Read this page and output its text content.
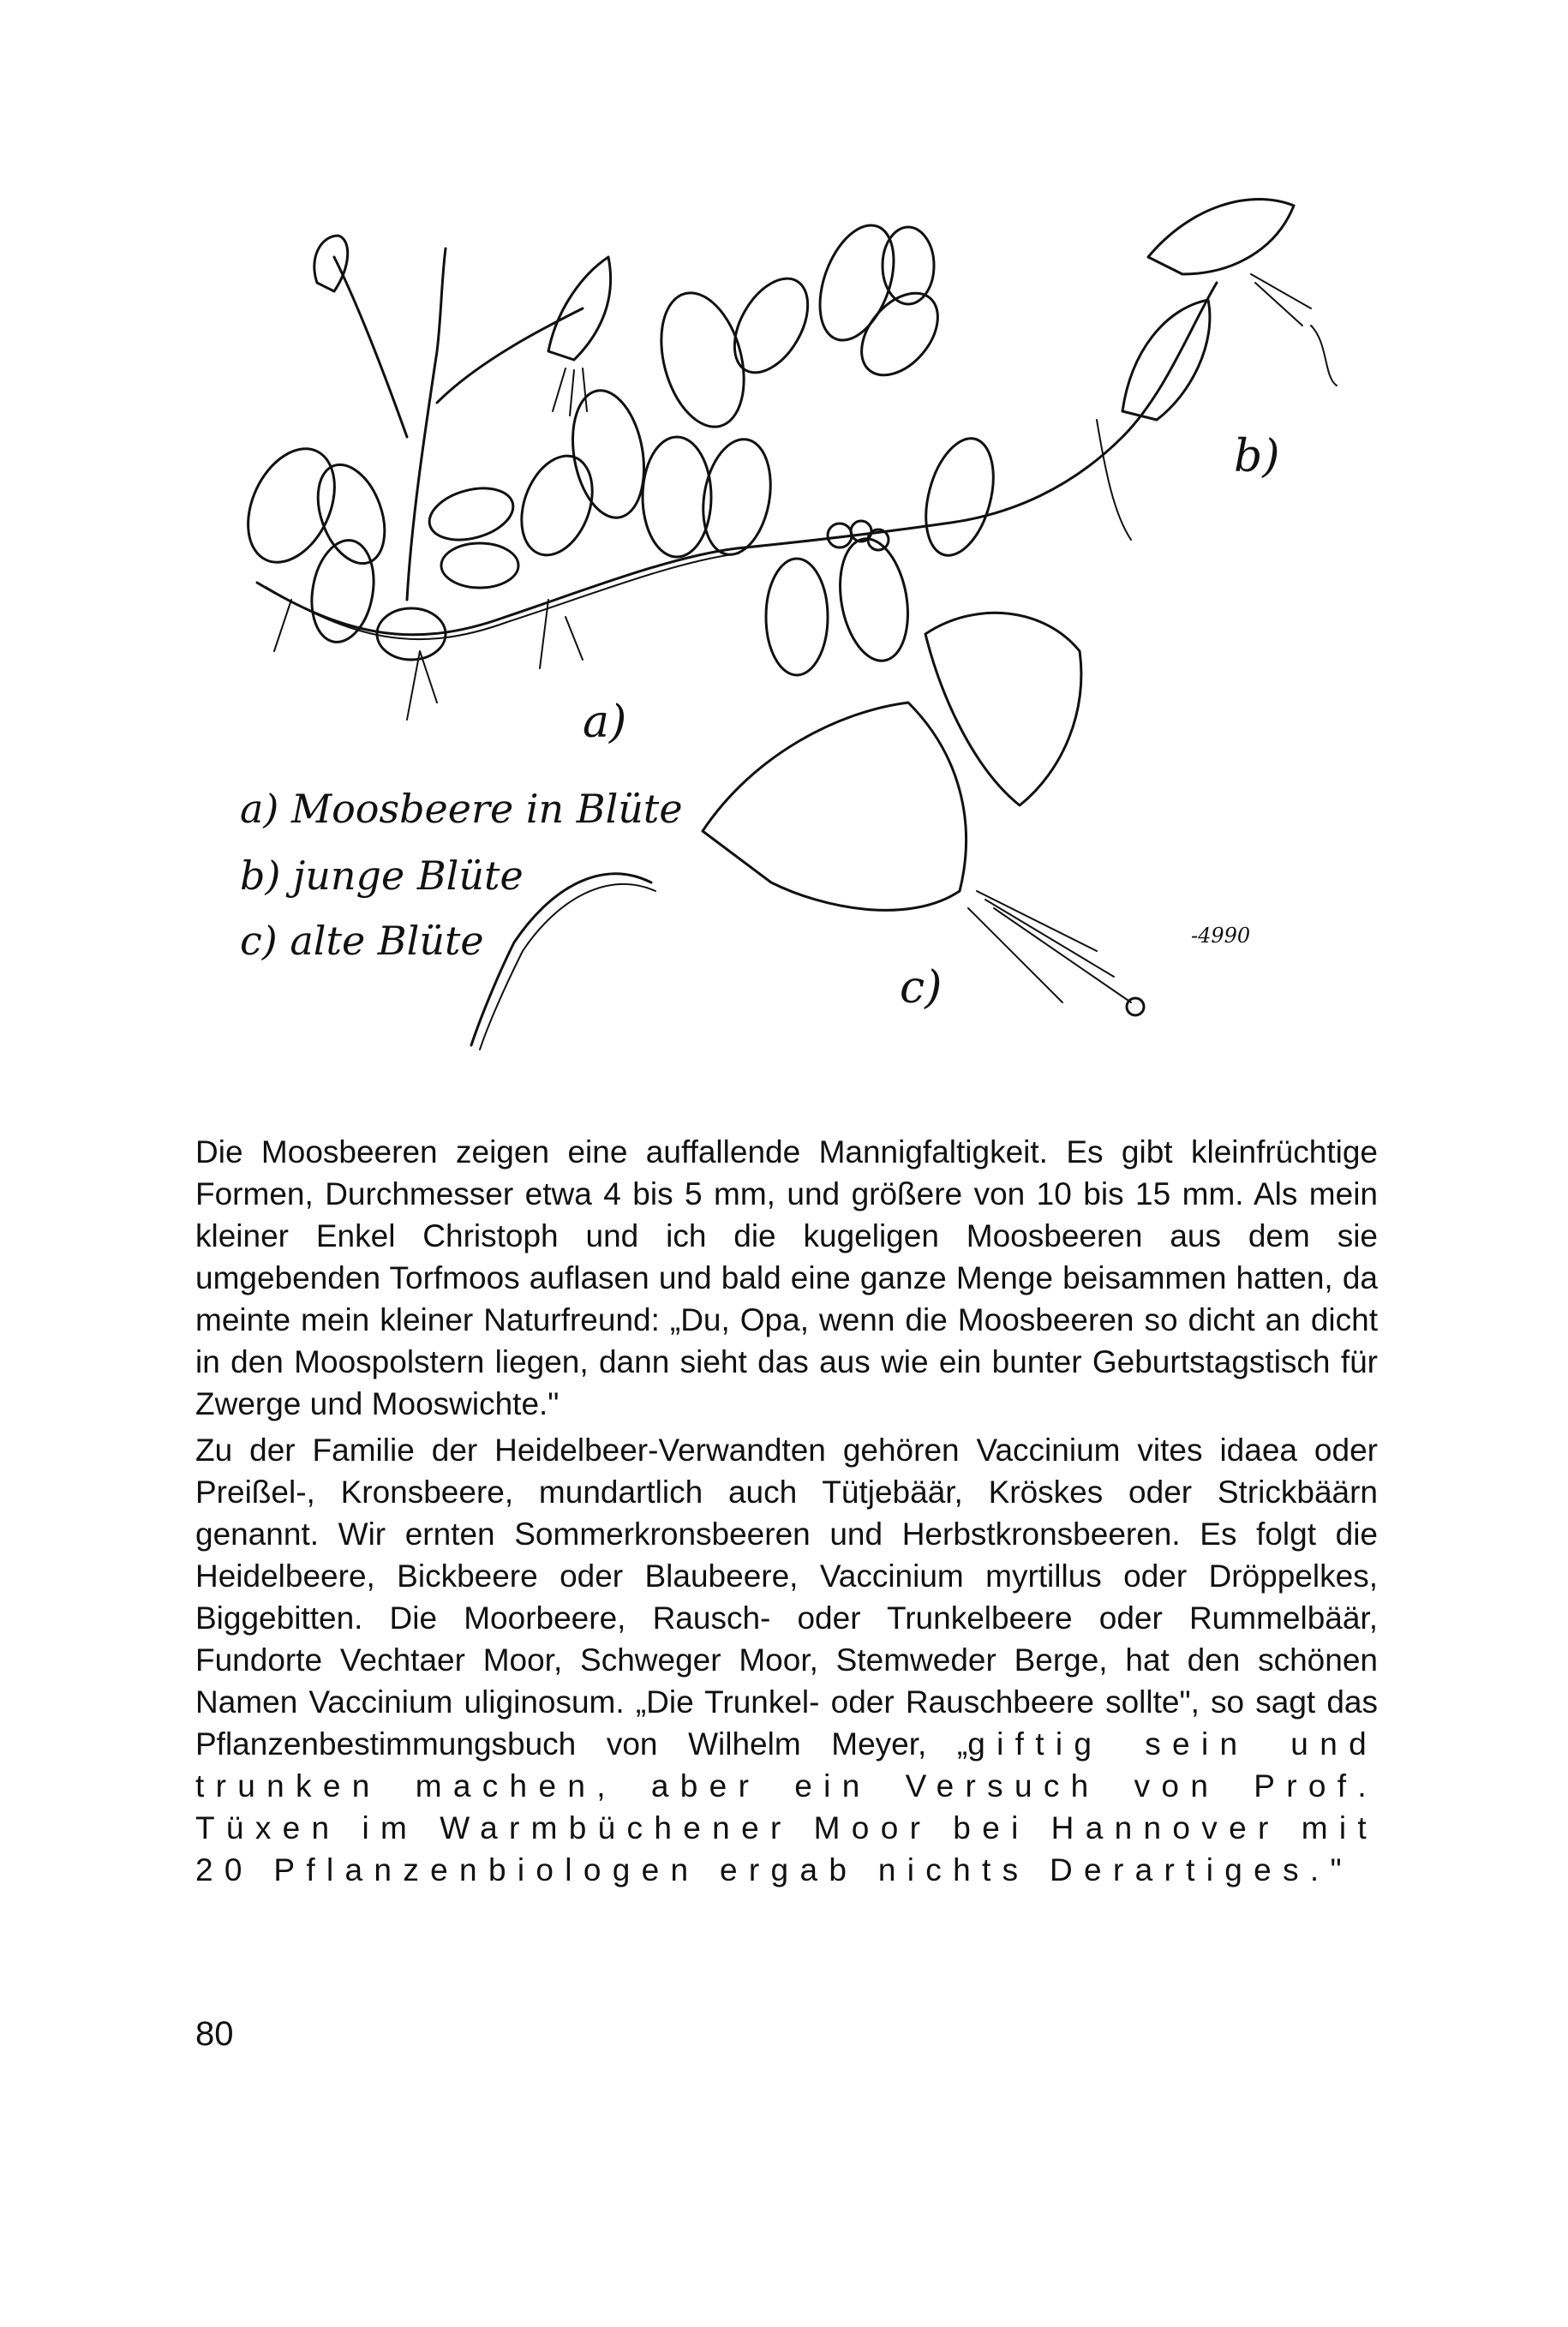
a)
b)
c)
a) Moosbeere in Blüte
b) junge Blüte
c) alte Blüte	-4990

Die Moosbeeren zeigen eine auffallende Mannigfaltigkeit. Es gibt kleinfrüchtige Formen, Durchmesser etwa 4 bis 5 mm, und größere von 10 bis 15 mm. Als mein kleiner Enkel Christoph und ich die kugeligen Moosbeeren aus dem sie umgebenden Torfmoos auflasen und bald eine ganze Menge beisammen hatten, da meinte mein kleiner Naturfreund: „Du, Opa, wenn die Moosbeeren so dicht an dicht in den Moospolstern liegen, dann sieht das aus wie ein bunter Geburtstagstisch für Zwerge und Mooswichte."

Zu der Familie der Heidelbeer-Verwandten gehören Vaccinium vites idaea oder Preißel-, Kronsbeere, mundartlich auch Tütjebäär, Kröskes oder Strickbäärn genannt. Wir ernten Sommerkronsbeeren und Herbstkronsbeeren. Es folgt die Heidelbeere, Bickbeere oder Blaubeere, Vaccinium myrtillus oder Dröppelkes, Biggebitten. Die Moorbeere, Rausch- oder Trunkelbeere oder Rummelbäär, Fundorte Vechtaer Moor, Schweger Moor, Stemweder Berge, hat den schönen Namen Vaccinium uliginosum. „Die Trunkel- oder Rauschbeere sollte", so sagt das Pflanzenbestimmungsbuch von Wilhelm Meyer, „giftig sein und trunken machen, aber ein Versuch von Prof. Tüxen im Warmbüchener Moor bei Hannover mit 20 Pflanzenbiologen ergab nichts Derartiges."

80
